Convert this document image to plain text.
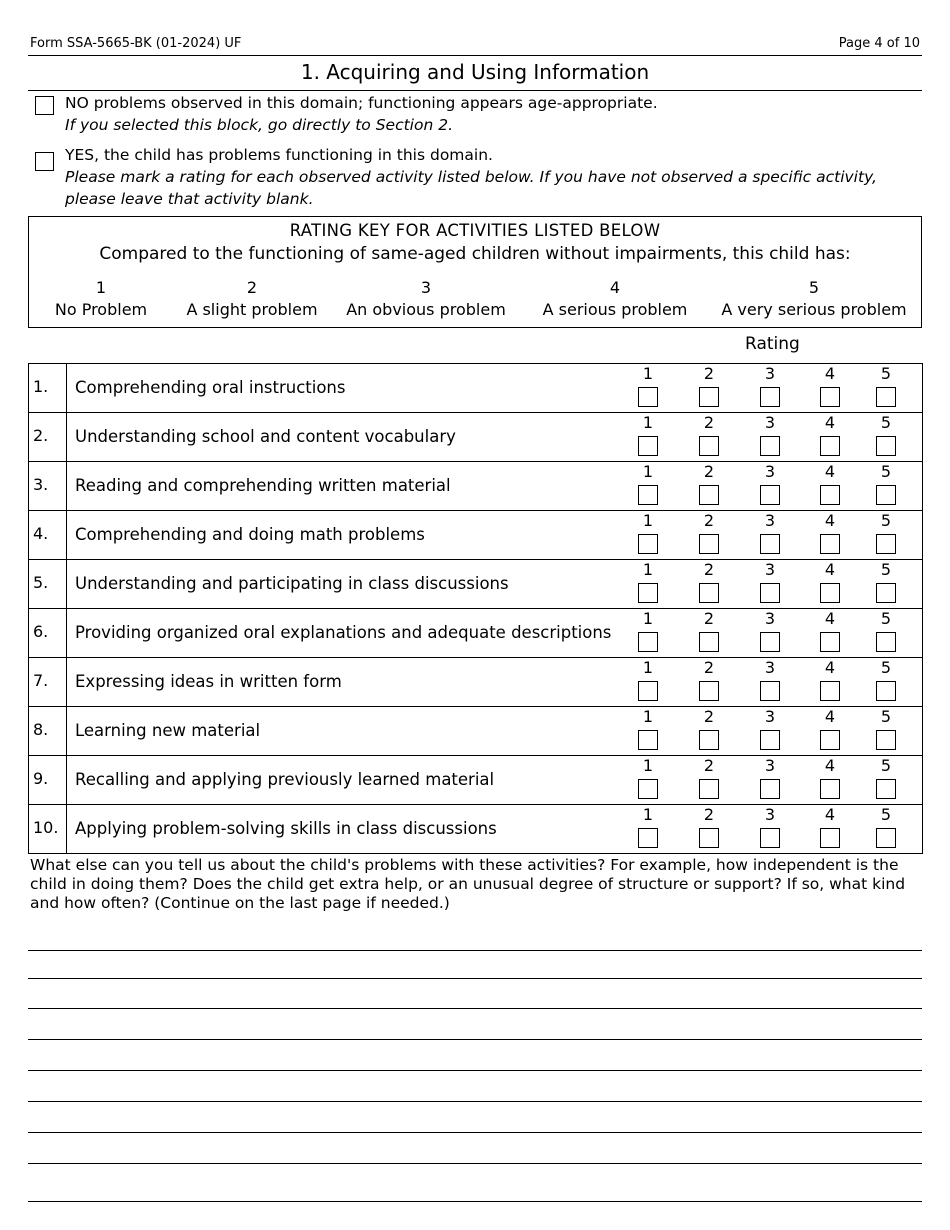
Form SSA-5665-BK (01-2024) UF	Page 4 of 10
1. Acquiring and Using Information
NO problems observed in this domain; functioning appears age-appropriate.
If you selected this block, go directly to Section 2.
YES, the child has problems functioning in this domain.
Please mark a rating for each observed activity listed below. If you have not observed a specific activity,
please leave that activity blank.
RATING KEY FOR ACTIVITIES LISTED BELOW
Compared to the functioning of same-aged children without impairments, this child has:
1
No Problem
2
A slight problem
3
An obvious problem
4
A serious problem
5
A very serious problem
Rating
1.	Comprehending oral instructions	1 2 3 4 5

2.	Understanding school and content vocabulary	1 2 3 4 5

3.	Reading and comprehending written material	1 2 3 4 5

4.	Comprehending and doing math problems	1 2 3 4 5

5.	Understanding and participating in class discussions	1 2 3 4 5

6.	Providing organized oral explanations and adequate descriptions	1 2 3 4 5

7.	Expressing ideas in written form	1 2 3 4 5

8.	Learning new material	1 2 3 4 5

9.	Recalling and applying previously learned material	1 2 3 4 5

10.	Applying problem-solving skills in class discussions	1 2 3 4 5
What else can you tell us about the child's problems with these activities? For example, how independent is the child in doing them? Does the child get extra help, or an unusual degree of structure or support? If so, what kind and how often? (Continue on the last page if needed.)
